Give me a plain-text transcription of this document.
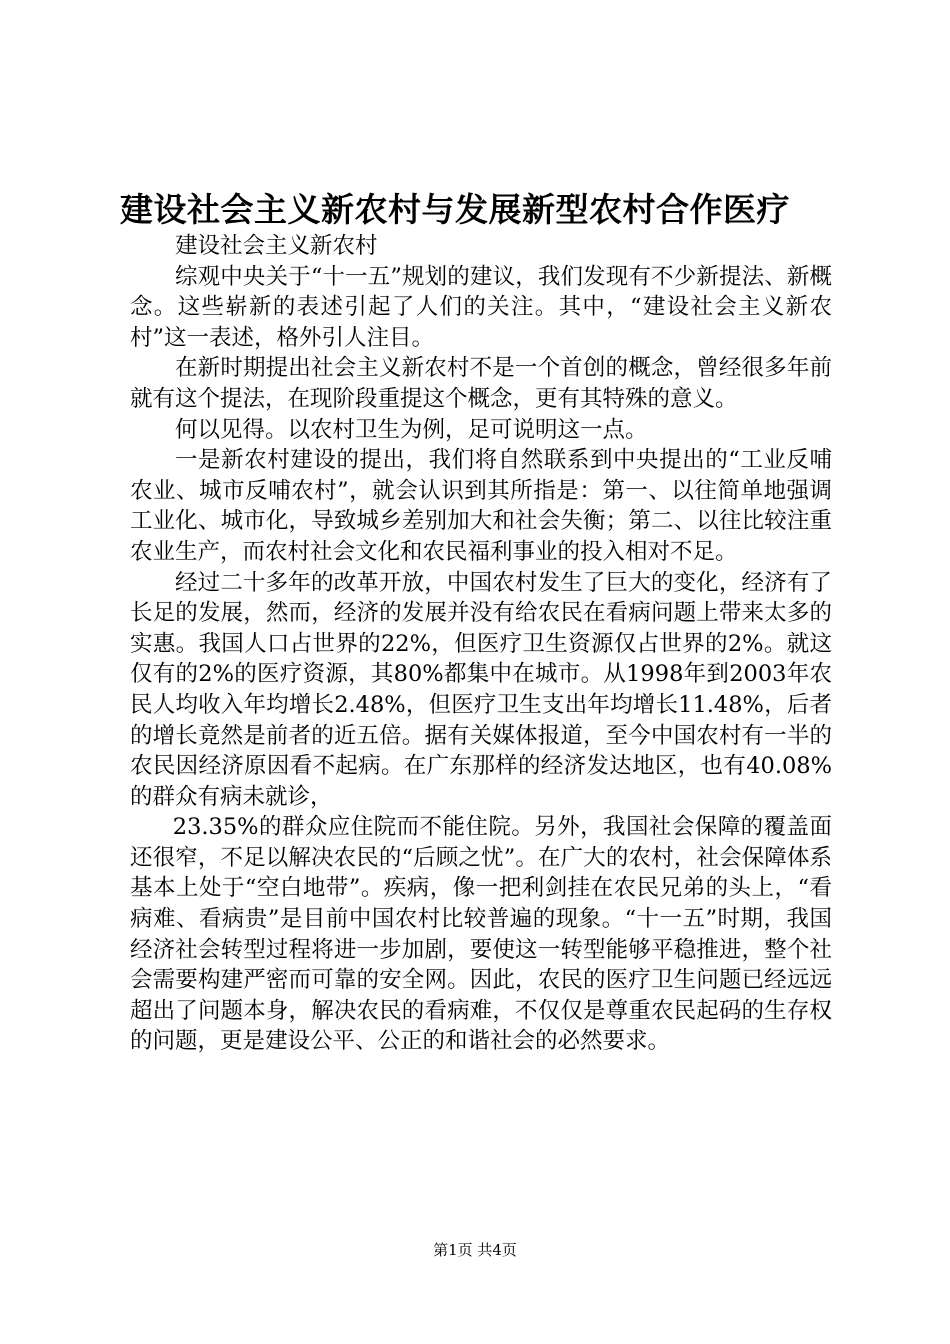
建设社会主义新农村与发展新型农村合作医疗

建设社会主义新农村

综观中央关于“十一五”规划的建议，我们发现有不少新提法、新概念。这些崭新的表述引起了人们的关注。其中，“建设社会主义新农村”这一表述，格外引人注目。

在新时期提出社会主义新农村不是一个首创的概念，曾经很多年前就有这个提法，在现阶段重提这个概念，更有其特殊的意义。

何以见得。以农村卫生为例，足可说明这一点。

一是新农村建设的提出，我们将自然联系到中央提出的“工业反哺农业、城市反哺农村”，就会认识到其所指是：第一、以往简单地强调工业化、城市化，导致城乡差别加大和社会失衡；第二、以往比较注重农业生产，而农村社会文化和农民福利事业的投入相对不足。

经过二十多年的改革开放，中国农村发生了巨大的变化，经济有了长足的发展，然而，经济的发展并没有给农民在看病问题上带来太多的实惠。我国人口占世界的22%，但医疗卫生资源仅占世界的2%。就这仅有的2%的医疗资源，其80%都集中在城市。从1998年到2003年农民人均收入年均增长2.48%，但医疗卫生支出年均增长11.48%，后者的增长竟然是前者的近五倍。据有关媒体报道，至今中国农村有一半的农民因经济原因看不起病。在广东那样的经济发达地区，也有40.08%的群众有病未就诊，

23.35%的群众应住院而不能住院。另外，我国社会保障的覆盖面还很窄，不足以解决农民的“后顾之忧”。在广大的农村，社会保障体系基本上处于“空白地带”。疾病，像一把利剑挂在农民兄弟的头上，“看病难、看病贵”是目前中国农村比较普遍的现象。“十一五”时期，我国经济社会转型过程将进一步加剧，要使这一转型能够平稳推进，整个社会需要构建严密而可靠的安全网。因此，农民的医疗卫生问题已经远远超出了问题本身，解决农民的看病难，不仅仅是尊重农民起码的生存权的问题，更是建设公平、公正的和谐社会的必然要求。

第1页 共4页
